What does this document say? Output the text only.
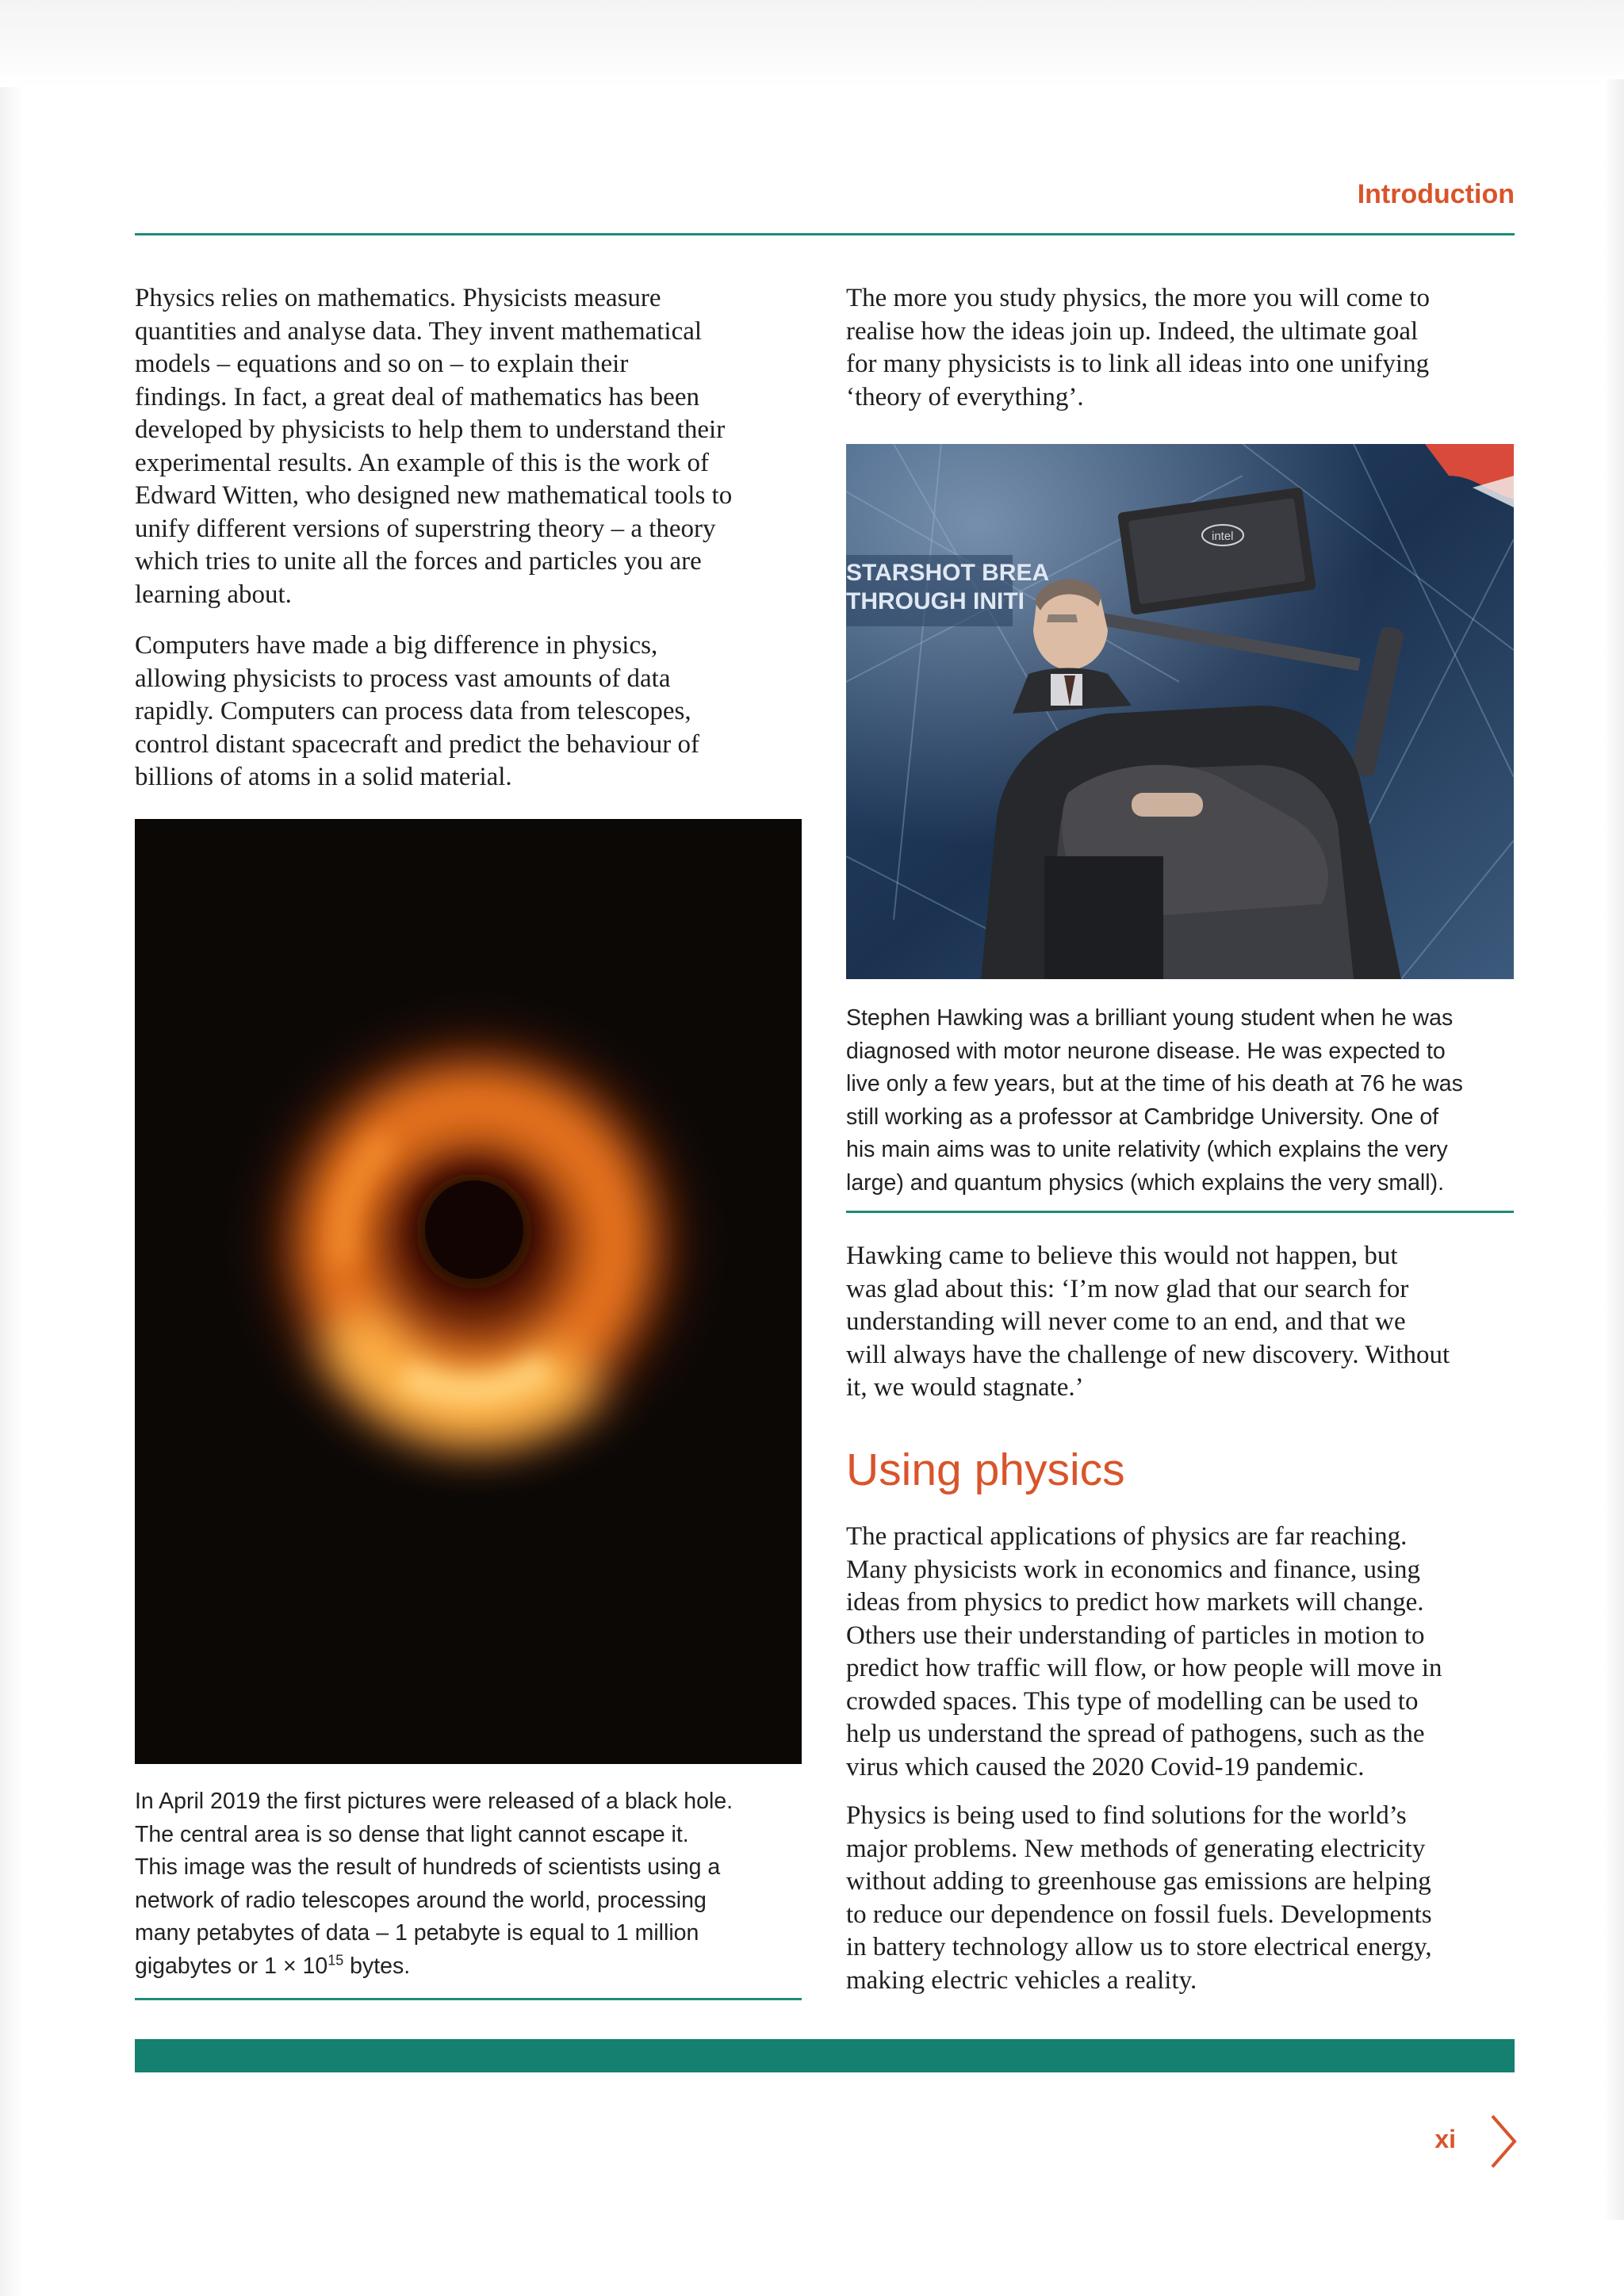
Introduction

Physics relies on mathematics. Physicists measure
quantities and analyse data. They invent mathematical
models – equations and so on – to explain their
findings. In fact, a great deal of mathematics has been
developed by physicists to help them to understand their
experimental results. An example of this is the work of
Edward Witten, who designed new mathematical tools to
unify different versions of superstring theory – a theory
which tries to unite all the forces and particles you are
learning about.

Computers have made a big difference in physics,
allowing physicists to process vast amounts of data
rapidly. Computers can process data from telescopes,
control distant spacecraft and predict the behaviour of
billions of atoms in a solid material.

In April 2019 the first pictures were released of a black hole.
The central area is so dense that light cannot escape it.
This image was the result of hundreds of scientists using a
network of radio telescopes around the world, processing
many petabytes of data – 1 petabyte is equal to 1 million
gigabytes or $1 \times 10^{15}$ bytes.

The more you study physics, the more you will come to
realise how the ideas join up. Indeed, the ultimate goal
for many physicists is to link all ideas into one unifying
‘theory of everything’.

STARSHOT BREA
THROUGH INITI
intel

Stephen Hawking was a brilliant young student when he was
diagnosed with motor neurone disease. He was expected to
live only a few years, but at the time of his death at 76 he was
still working as a professor at Cambridge University. One of
his main aims was to unite relativity (which explains the very
large) and quantum physics (which explains the very small).

Hawking came to believe this would not happen, but
was glad about this: ‘I’m now glad that our search for
understanding will never come to an end, and that we
will always have the challenge of new discovery. Without
it, we would stagnate.’

Using physics

The practical applications of physics are far reaching.
Many physicists work in economics and finance, using
ideas from physics to predict how markets will change.
Others use their understanding of particles in motion to
predict how traffic will flow, or how people will move in
crowded spaces. This type of modelling can be used to
help us understand the spread of pathogens, such as the
virus which caused the 2020 Covid-19 pandemic.

Physics is being used to find solutions for the world’s
major problems. New methods of generating electricity
without adding to greenhouse gas emissions are helping
to reduce our dependence on fossil fuels. Developments
in battery technology allow us to store electrical energy,
making electric vehicles a reality.

xi
